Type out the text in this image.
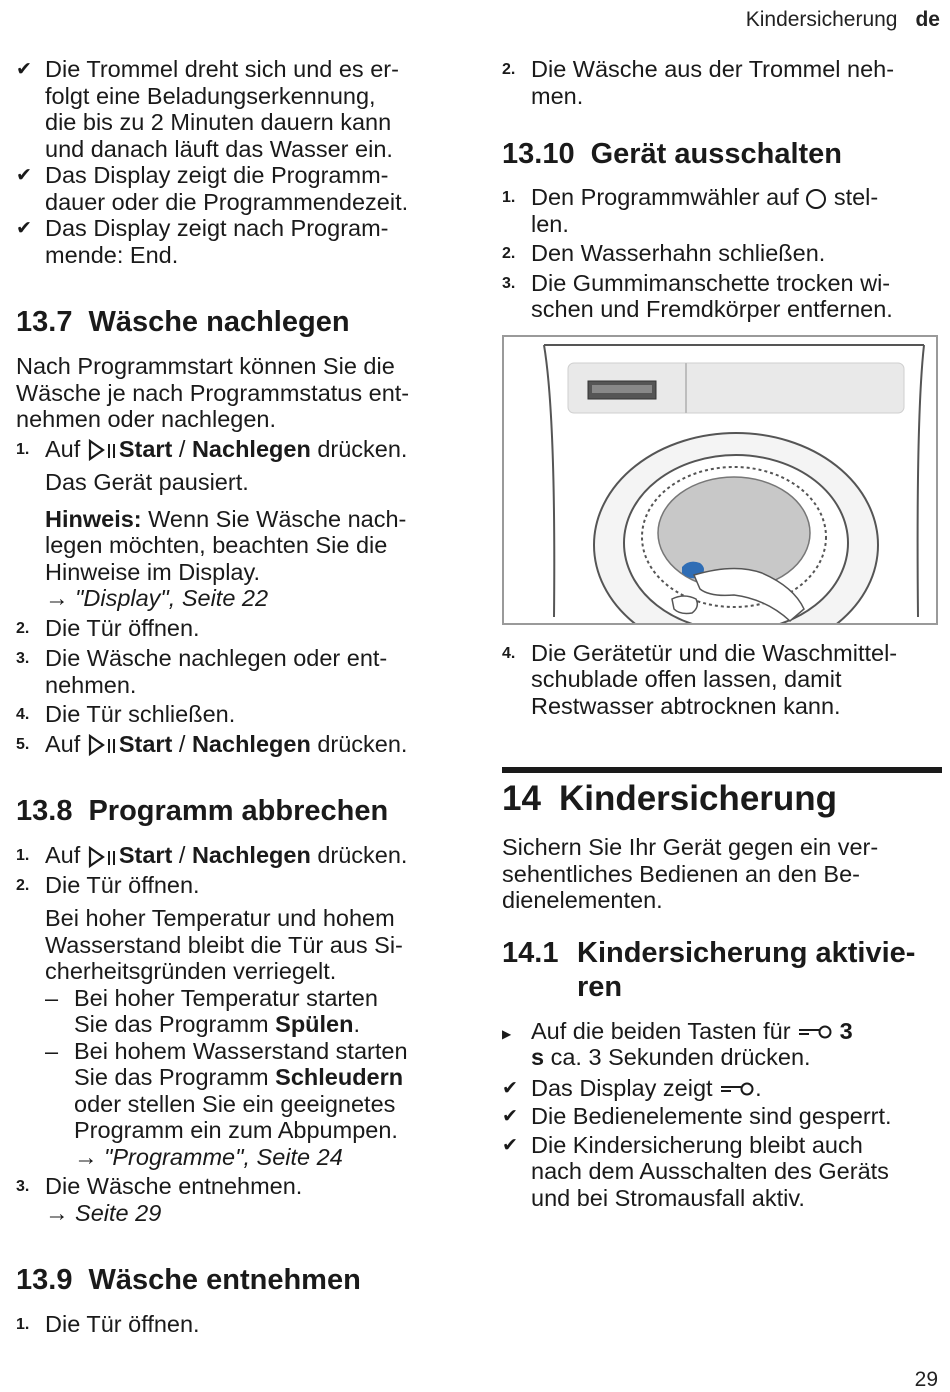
Kindersicherung de
✔ Die Trommel dreht sich und es er-
folgt eine Beladungserkennung,
die bis zu 2 Minuten dauern kann
und danach läuft das Wasser ein.
✔ Das Display zeigt die Programm-
dauer oder die Programmendezeit.
✔ Das Display zeigt nach Program-
mende: End.
13.7 Wäsche nachlegen
Nach Programmstart können Sie die
Wäsche je nach Programmstatus ent-
nehmen oder nachlegen.
1. Auf Start / Nachlegen drücken.
Das Gerät pausiert.
Hinweis: Wenn Sie Wäsche nach-
legen möchten, beachten Sie die
Hinweise im Display.
→ "Display", Seite 22
2. Die Tür öffnen.
3. Die Wäsche nachlegen oder ent-
nehmen.
4. Die Tür schließen.
5. Auf Start / Nachlegen drücken.
13.8 Programm abbrechen
1. Auf Start / Nachlegen drücken.
2. Die Tür öffnen.
Bei hoher Temperatur und hohem
Wasserstand bleibt die Tür aus Si-
cherheitsgründen verriegelt.
– Bei hoher Temperatur starten
Sie das Programm Spülen.
– Bei hohem Wasserstand starten
Sie das Programm Schleudern
oder stellen Sie ein geeignetes
Programm ein zum Abpumpen.
→ "Programme", Seite 24
3. Die Wäsche entnehmen.
→ Seite 29
13.9 Wäsche entnehmen
1. Die Tür öffnen.
2. Die Wäsche aus der Trommel neh-
men.
13.10 Gerät ausschalten
1. Den Programmwähler auf stel-
len.
2. Den Wasserhahn schließen.
3. Die Gummimanschette trocken wi-
schen und Fremdkörper entfernen.
4. Die Gerätetür und die Waschmittel-
schublade offen lassen, damit
Restwasser abtrocknen kann.
14 Kindersicherung
Sichern Sie Ihr Gerät gegen ein ver-
sehentliches Bedienen an den Be-
dienelementen.
14.1 Kindersicherung aktivie-
ren
▶ Auf die beiden Tasten für 3
s ca. 3 Sekunden drücken.
✔ Das Display zeigt .
✔ Die Bedienelemente sind gesperrt.
✔ Die Kindersicherung bleibt auch
nach dem Ausschalten des Geräts
und bei Stromausfall aktiv.
29
